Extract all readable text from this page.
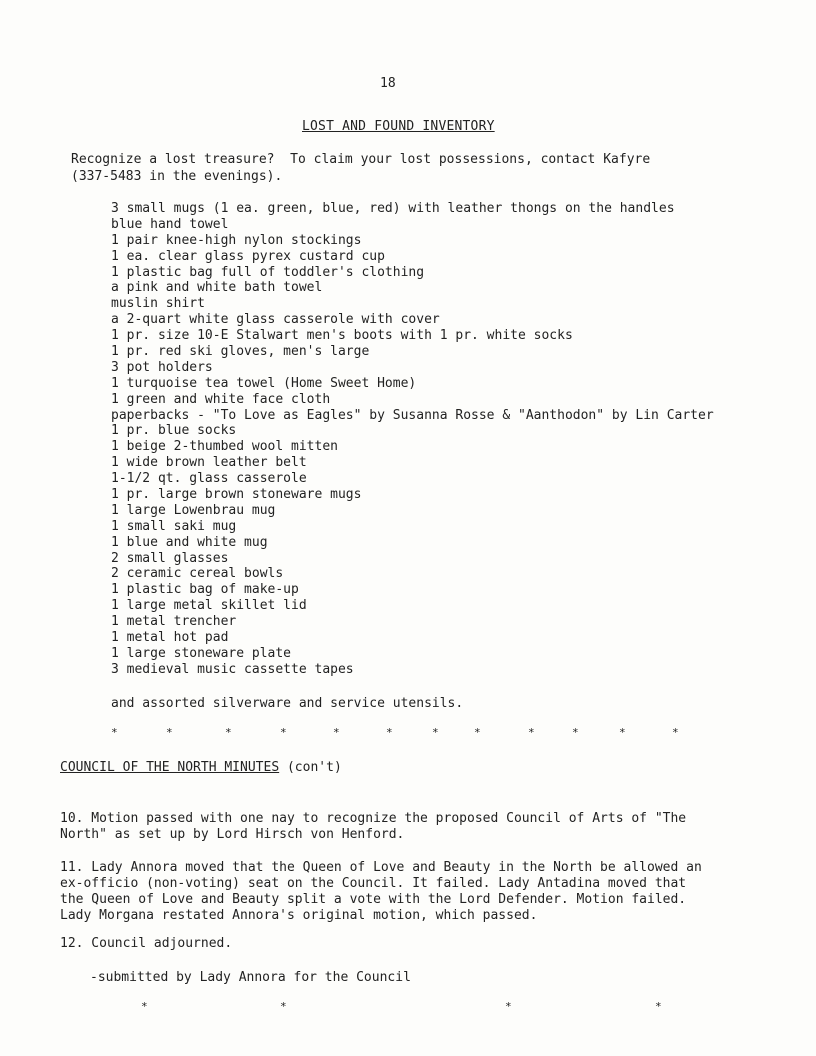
18
LOST AND FOUND INVENTORY
Recognize a lost treasure?  To claim your lost possessions, contact Kafyre
(337-5483 in the evenings).
3 small mugs (1 ea. green, blue, red) with leather thongs on the handles
blue hand towel
1 pair knee-high nylon stockings
1 ea. clear glass pyrex custard cup
1 plastic bag full of toddler's clothing
a pink and white bath towel
muslin shirt
a 2-quart white glass casserole with cover
1 pr. size 10-E Stalwart men's boots with 1 pr. white socks
1 pr. red ski gloves, men's large
3 pot holders
1 turquoise tea towel (Home Sweet Home)
1 green and white face cloth
paperbacks - "To Love as Eagles" by Susanna Rosse & "Aanthodon" by Lin Carter
1 pr. blue socks
1 beige 2-thumbed wool mitten
1 wide brown leather belt
1-1/2 qt. glass casserole
1 pr. large brown stoneware mugs
1 large Lowenbrau mug
1 small saki mug
1 blue and white mug
2 small glasses
2 ceramic cereal bowls
1 plastic bag of make-up
1 large metal skillet lid
1 metal trencher
1 metal hot pad
1 large stoneware plate
3 medieval music cassette tapes
and assorted silverware and service utensils.
*	*	*	*	*	*	*	*	*	*	*	*
COUNCIL OF THE NORTH MINUTES (con't)
10. Motion passed with one nay to recognize the proposed Council of Arts of "The
North" as set up by Lord Hirsch von Henford.
11. Lady Annora moved that the Queen of Love and Beauty in the North be allowed an
ex-officio (non-voting) seat on the Council. It failed. Lady Antadina moved that
the Queen of Love and Beauty split a vote with the Lord Defender. Motion failed.
Lady Morgana restated Annora's original motion, which passed.
12. Council adjourned.
-submitted by Lady Annora for the Council
*	*	*	*
